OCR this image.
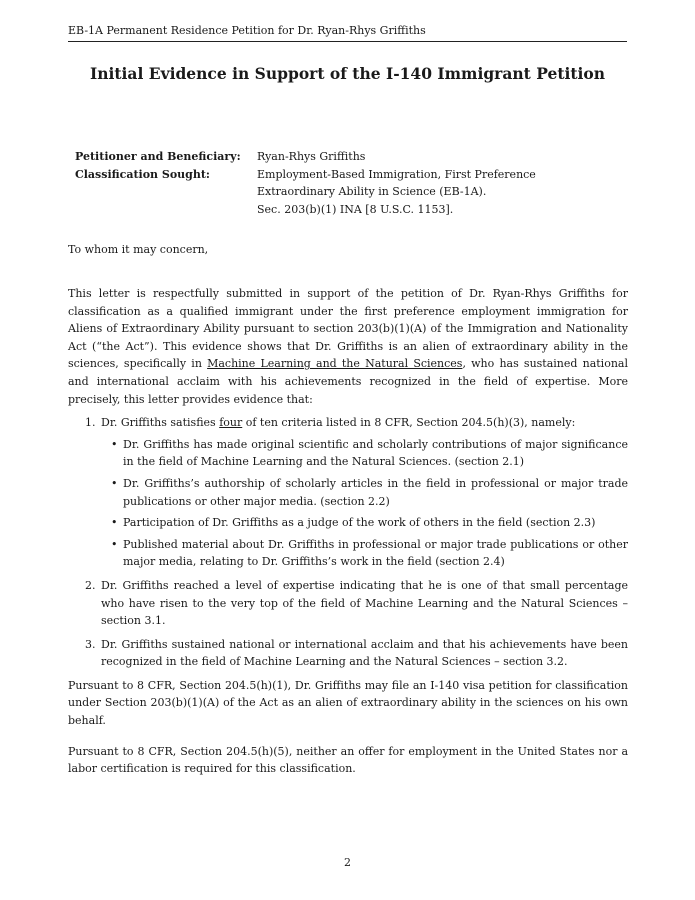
EB-1A Permanent Residence Petition for Dr. Ryan-Rhys Griffiths
Initial Evidence in Support of the I-140 Immigrant Petition
Petitioner and Beneficiary:	Ryan-Rhys Griffiths
Classification Sought:	Employment-Based Immigration, First Preference
Extraordinary Ability in Science (EB-1A).
Sec. 203(b)(1) INA [8 U.S.C. 1153].
To whom it may concern,

This letter is respectfully submitted in support of the petition of Dr. Ryan-Rhys Griffiths for classification as a qualified immigrant under the first preference employment immigration for Aliens of Extraordinary Ability pursuant to section 203(b)(1)(A) of the Immigration and Nationality Act (“the Act”). This evidence shows that Dr. Griffiths is an alien of extraordinary ability in the sciences, specifically in Machine Learning and the Natural Sciences, who has sustained national and international acclaim with his achievements recognized in the field of expertise. More precisely, this letter provides evidence that:

1. Dr. Griffiths satisfies four of ten criteria listed in 8 CFR, Section 204.5(h)(3), namely:
• Dr. Griffiths has made original scientific and scholarly contributions of major significance in the field of Machine Learning and the Natural Sciences. (section 2.1)
• Dr. Griffiths’s authorship of scholarly articles in the field in professional or major trade publications or other major media. (section 2.2)
• Participation of Dr. Griffiths as a judge of the work of others in the field (section 2.3)
• Published material about Dr. Griffiths in professional or major trade publications or other major media, relating to Dr. Griffiths’s work in the field (section 2.4)
2. Dr. Griffiths reached a level of expertise indicating that he is one of that small percentage who have risen to the very top of the field of Machine Learning and the Natural Sciences – section 3.1.
3. Dr. Griffiths sustained national or international acclaim and that his achievements have been recognized in the field of Machine Learning and the Natural Sciences – section 3.2.

Pursuant to 8 CFR, Section 204.5(h)(1), Dr. Griffiths may file an I-140 visa petition for classification under Section 203(b)(1)(A) of the Act as an alien of extraordinary ability in the sciences on his own behalf.

Pursuant to 8 CFR, Section 204.5(h)(5), neither an offer for employment in the United States nor a labor certification is required for this classification.

2
